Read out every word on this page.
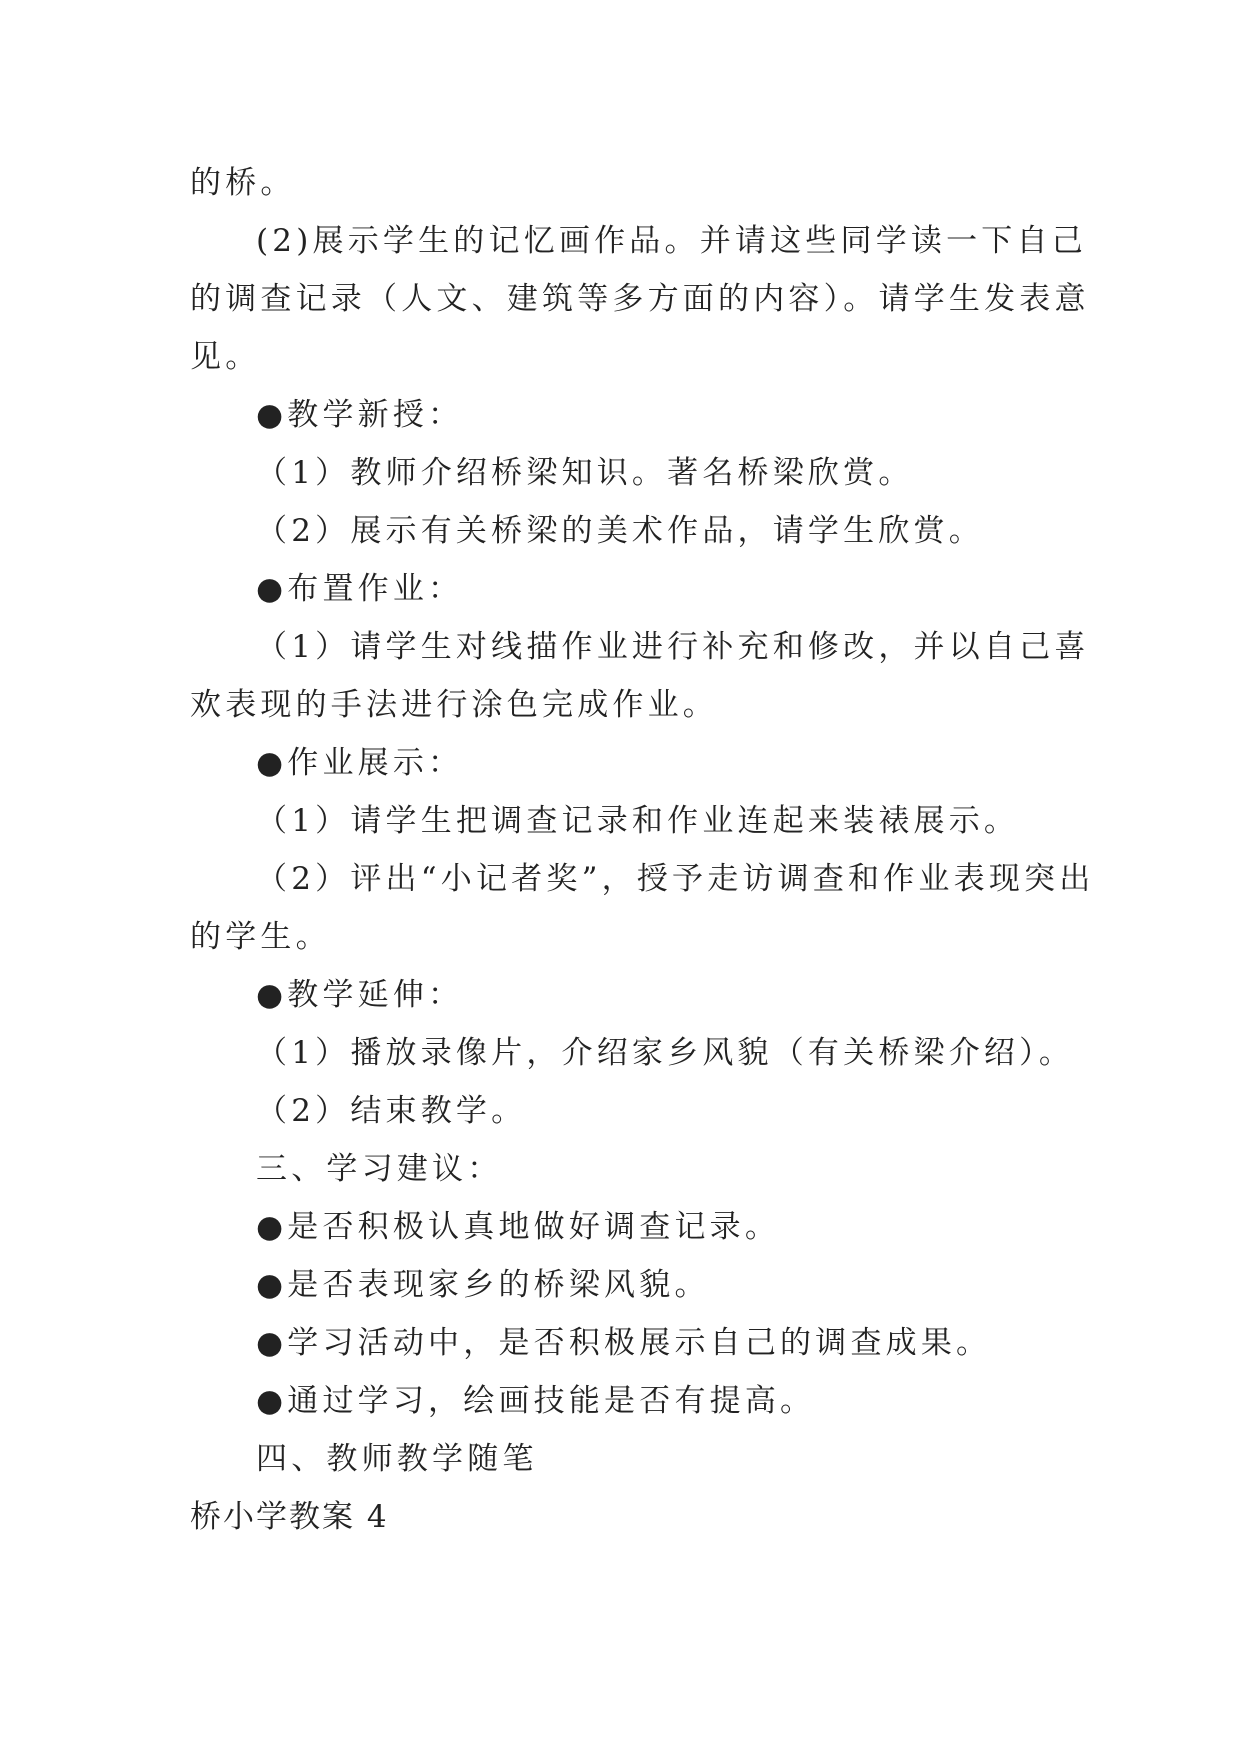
的桥。
(2)展示学生的记忆画作品。并请这些同学读一下自己
的调查记录（人文、建筑等多方面的内容）。请学生发表意
见。
●教学新授：
（1）教师介绍桥梁知识。著名桥梁欣赏。
（2）展示有关桥梁的美术作品，请学生欣赏。
●布置作业：
（1）请学生对线描作业进行补充和修改，并以自己喜
欢表现的手法进行涂色完成作业。
●作业展示：
（1）请学生把调查记录和作业连起来装裱展示。
（2）评出“小记者奖”，授予走访调查和作业表现突出
的学生。
●教学延伸：
（1）播放录像片，介绍家乡风貌（有关桥梁介绍）。
（2）结束教学。
三、学习建议：
●是否积极认真地做好调查记录。
●是否表现家乡的桥梁风貌。
●学习活动中，是否积极展示自己的调查成果。
●通过学习，绘画技能是否有提高。
四、教师教学随笔
桥小学教案 4
